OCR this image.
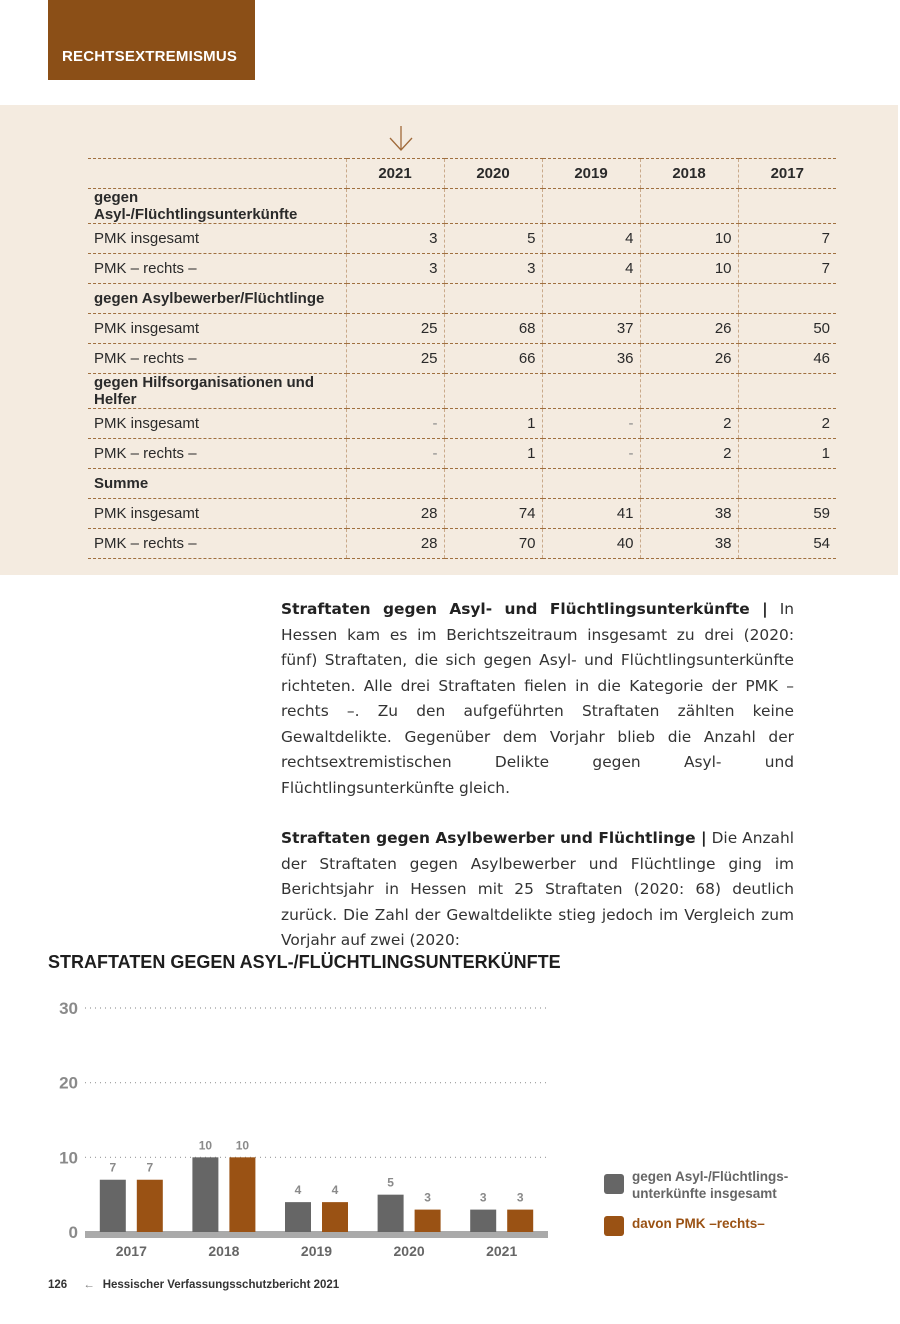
RECHTSEXTREMISMUS
	2021	2020	2019	2018	2017
gegen Asyl-/Flüchtlingsunterkünfte					
PMK insgesamt	3	5	4	10	7
PMK – rechts –	3	3	4	10	7
gegen Asylbewerber/Flüchtlinge					
PMK insgesamt	25	68	37	26	50
PMK – rechts –	25	66	36	26	46
gegen Hilfsorganisationen und Helfer					
PMK insgesamt	-	1	-	2	2
PMK – rechts –	-	1	-	2	1
Summe					
PMK insgesamt	28	74	41	38	59
PMK – rechts –	28	70	40	38	54

Straftaten gegen Asyl- und Flüchtlingsunterkünfte | In Hessen kam es im Berichtszeitraum insgesamt zu drei (2020: fünf) Straftaten, die sich gegen Asyl- und Flüchtlingsunterkünfte richteten. Alle drei Straftaten fielen in die Kategorie der PMK – rechts –. Zu den aufgeführten Straftaten zählten keine Gewaltdelikte. Gegenüber dem Vorjahr blieb die Anzahl der rechtsextremistischen Delikte gegen Asyl- und Flüchtlingsunterkünfte gleich.

Straftaten gegen Asylbewerber und Flüchtlinge | Die Anzahl der Straftaten gegen Asylbewerber und Flüchtlinge ging im Berichtsjahr in Hessen mit 25 Straftaten (2020: 68) deutlich zurück. Die Zahl der Gewaltdelikte stieg jedoch im Vergleich zum Vorjahr auf zwei (2020:

STRAFTATEN GEGEN ASYL-/FLÜCHTLINGSUNTERKÜNFTE
0
10
20
30
7	7
2017
10 10
2018
4	4
2019
5
3
2020
3	3
2021
gegen Asyl-/Flüchtlings-
unterkünfte insgesamt
davon PMK –rechts–
126 ← Hessischer Verfassungsschutzbericht 2021
